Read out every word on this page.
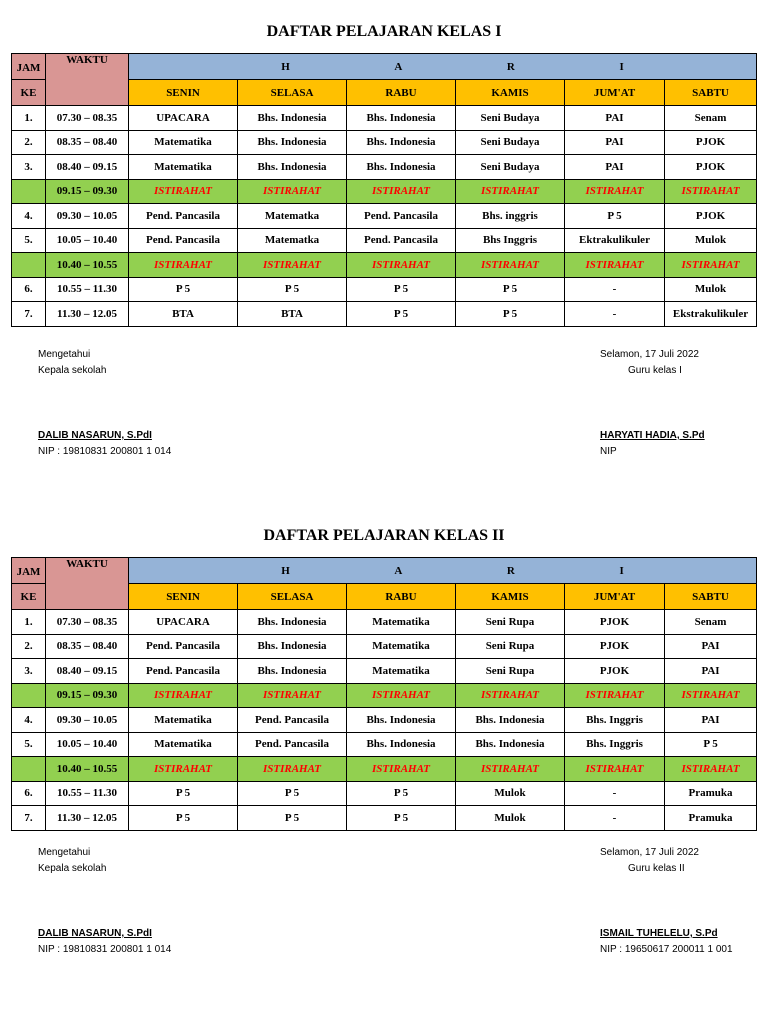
DAFTAR PELAJARAN KELAS I
JAM	WAKTU	H A R I					

KE		SENIN	SELASA	RABU	KAMIS	JUM'AT	SABTU
1.	07.30 – 08.35	UPACARA	Bhs. Indonesia	Bhs. Indonesia	Seni Budaya	PAI	Senam
2.	08.35 – 08.40	Matematika	Bhs. Indonesia	Bhs. Indonesia	Seni Budaya	PAI	PJOK
3.	08.40 – 09.15	Matematika	Bhs. Indonesia	Bhs. Indonesia	Seni Budaya	PAI	PJOK
	09.15 – 09.30	ISTIRAHAT	ISTIRAHAT	ISTIRAHAT	ISTIRAHAT	ISTIRAHAT	ISTIRAHAT
4.	09.30 – 10.05	Pend. Pancasila	Matematka	Pend. Pancasila	Bhs. inggris	P 5	PJOK
5.	10.05 – 10.40	Pend. Pancasila	Matematka	Pend. Pancasila	Bhs Inggris	Ektrakulikuler	Mulok
	10.40 – 10.55	ISTIRAHAT	ISTIRAHAT	ISTIRAHAT	ISTIRAHAT	ISTIRAHAT	ISTIRAHAT
6.	10.55 – 11.30	P 5	P 5	P 5	P 5	-	Mulok
7.	11.30 – 12.05	BTA	BTA	P 5	P 5	-	Ekstrakulikuler
Mengetahui
Kepala sekolah
DALIB NASARUN, S.PdI
NIP : 19810831 200801 1 014
Selamon, 17 Juli 2022
Guru kelas I
HARYATI HADIA, S.Pd
NIP
DAFTAR PELAJARAN KELAS II
JAM	WAKTU	H A R I					

KE		SENIN	SELASA	RABU	KAMIS	JUM'AT	SABTU
1.	07.30 – 08.35	UPACARA	Bhs. Indonesia	Matematika	Seni Rupa	PJOK	Senam
2.	08.35 – 08.40	Pend. Pancasila	Bhs. Indonesia	Matematika	Seni Rupa	PJOK	PAI
3.	08.40 – 09.15	Pend. Pancasila	Bhs. Indonesia	Matematika	Seni Rupa	PJOK	PAI
	09.15 – 09.30	ISTIRAHAT	ISTIRAHAT	ISTIRAHAT	ISTIRAHAT	ISTIRAHAT	ISTIRAHAT
4.	09.30 – 10.05	Matematika	Pend. Pancasila	Bhs. Indonesia	Bhs. Indonesia	Bhs. Inggris	PAI
5.	10.05 – 10.40	Matematika	Pend. Pancasila	Bhs. Indonesia	Bhs. Indonesia	Bhs. Inggris	P 5
	10.40 – 10.55	ISTIRAHAT	ISTIRAHAT	ISTIRAHAT	ISTIRAHAT	ISTIRAHAT	ISTIRAHAT
6.	10.55 – 11.30	P 5	P 5	P 5	Mulok	-	Pramuka
7.	11.30 – 12.05	P 5	P 5	P 5	Mulok	-	Pramuka
Mengetahui
Kepala sekolah
DALIB NASARUN, S.PdI
NIP : 19810831 200801 1 014
Selamon, 17 Juli 2022
Guru kelas II
ISMAIL TUHELELU, S.Pd
NIP : 19650617 200011 1 001
